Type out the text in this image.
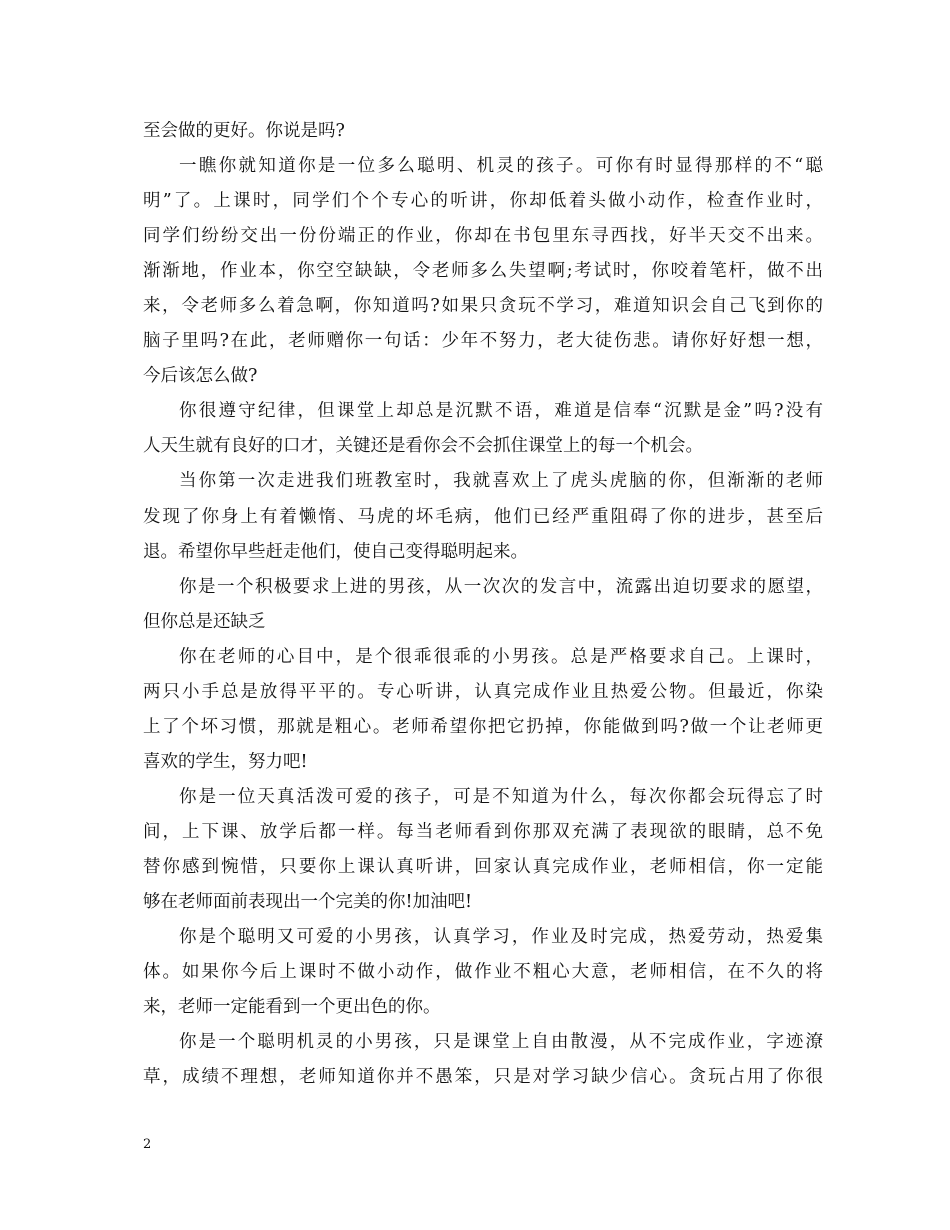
至会做的更好。你说是吗?
一瞧你就知道你是一位多么聪明、机灵的孩子。可你有时显得那样的不“聪
明”了。上课时，同学们个个专心的听讲，你却低着头做小动作，检查作业时，
同学们纷纷交出一份份端正的作业，你却在书包里东寻西找，好半天交不出来。
渐渐地，作业本，你空空缺缺，令老师多么失望啊;考试时，你咬着笔杆，做不出
来，令老师多么着急啊，你知道吗?如果只贪玩不学习，难道知识会自己飞到你的
脑子里吗?在此，老师赠你一句话：少年不努力，老大徒伤悲。请你好好想一想，
今后该怎么做?
你很遵守纪律，但课堂上却总是沉默不语，难道是信奉“沉默是金”吗?没有
人天生就有良好的口才，关键还是看你会不会抓住课堂上的每一个机会。
当你第一次走进我们班教室时，我就喜欢上了虎头虎脑的你，但渐渐的老师
发现了你身上有着懒惰、马虎的坏毛病，他们已经严重阻碍了你的进步，甚至后
退。希望你早些赶走他们，使自己变得聪明起来。
你是一个积极要求上进的男孩，从一次次的发言中，流露出迫切要求的愿望，
但你总是还缺乏
你在老师的心目中，是个很乖很乖的小男孩。总是严格要求自己。上课时，
两只小手总是放得平平的。专心听讲，认真完成作业且热爱公物。但最近，你染
上了个坏习惯，那就是粗心。老师希望你把它扔掉，你能做到吗?做一个让老师更
喜欢的学生，努力吧!
你是一位天真活泼可爱的孩子，可是不知道为什么，每次你都会玩得忘了时
间，上下课、放学后都一样。每当老师看到你那双充满了表现欲的眼睛，总不免
替你感到惋惜，只要你上课认真听讲，回家认真完成作业，老师相信，你一定能
够在老师面前表现出一个完美的你!加油吧!
你是个聪明又可爱的小男孩，认真学习，作业及时完成，热爱劳动，热爱集
体。如果你今后上课时不做小动作，做作业不粗心大意，老师相信，在不久的将
来，老师一定能看到一个更出色的你。
你是一个聪明机灵的小男孩，只是课堂上自由散漫，从不完成作业，字迹潦
草，成绩不理想，老师知道你并不愚笨，只是对学习缺少信心。贪玩占用了你很
2
